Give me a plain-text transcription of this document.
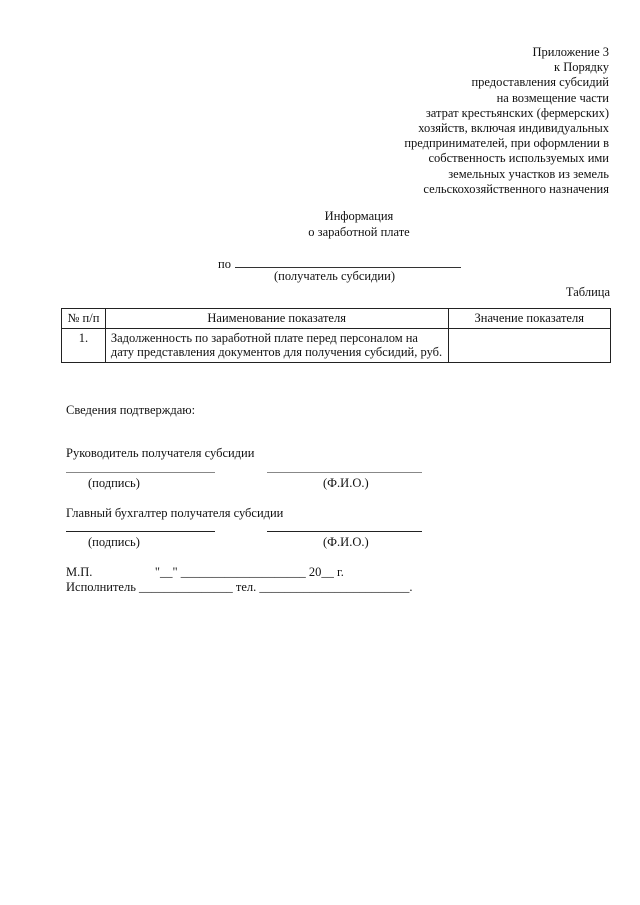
Приложение 3
к Порядку
предоставления субсидий
на возмещение части
затрат крестьянских (фермерских)
хозяйств, включая индивидуальных
предпринимателей, при оформлении в
собственность используемых ими
земельных участков из земель
сельскохозяйственного назначения
Информация
о заработной плате
по
(получатель субсидии)
Таблица
№ п/п	Наименование показателя	Значение показателя
1.	Задолженность по заработной плате перед персоналом на дату представления документов для получения субсидий, руб.	
Сведения подтверждаю:
Руководитель получателя субсидии
(подпись)	(Ф.И.О.)
Главный бухгалтер получателя субсидии
(подпись)	(Ф.И.О.)
М.П.                    "__" ____________________ 20__ г.
Исполнитель _______________ тел. ________________________.
